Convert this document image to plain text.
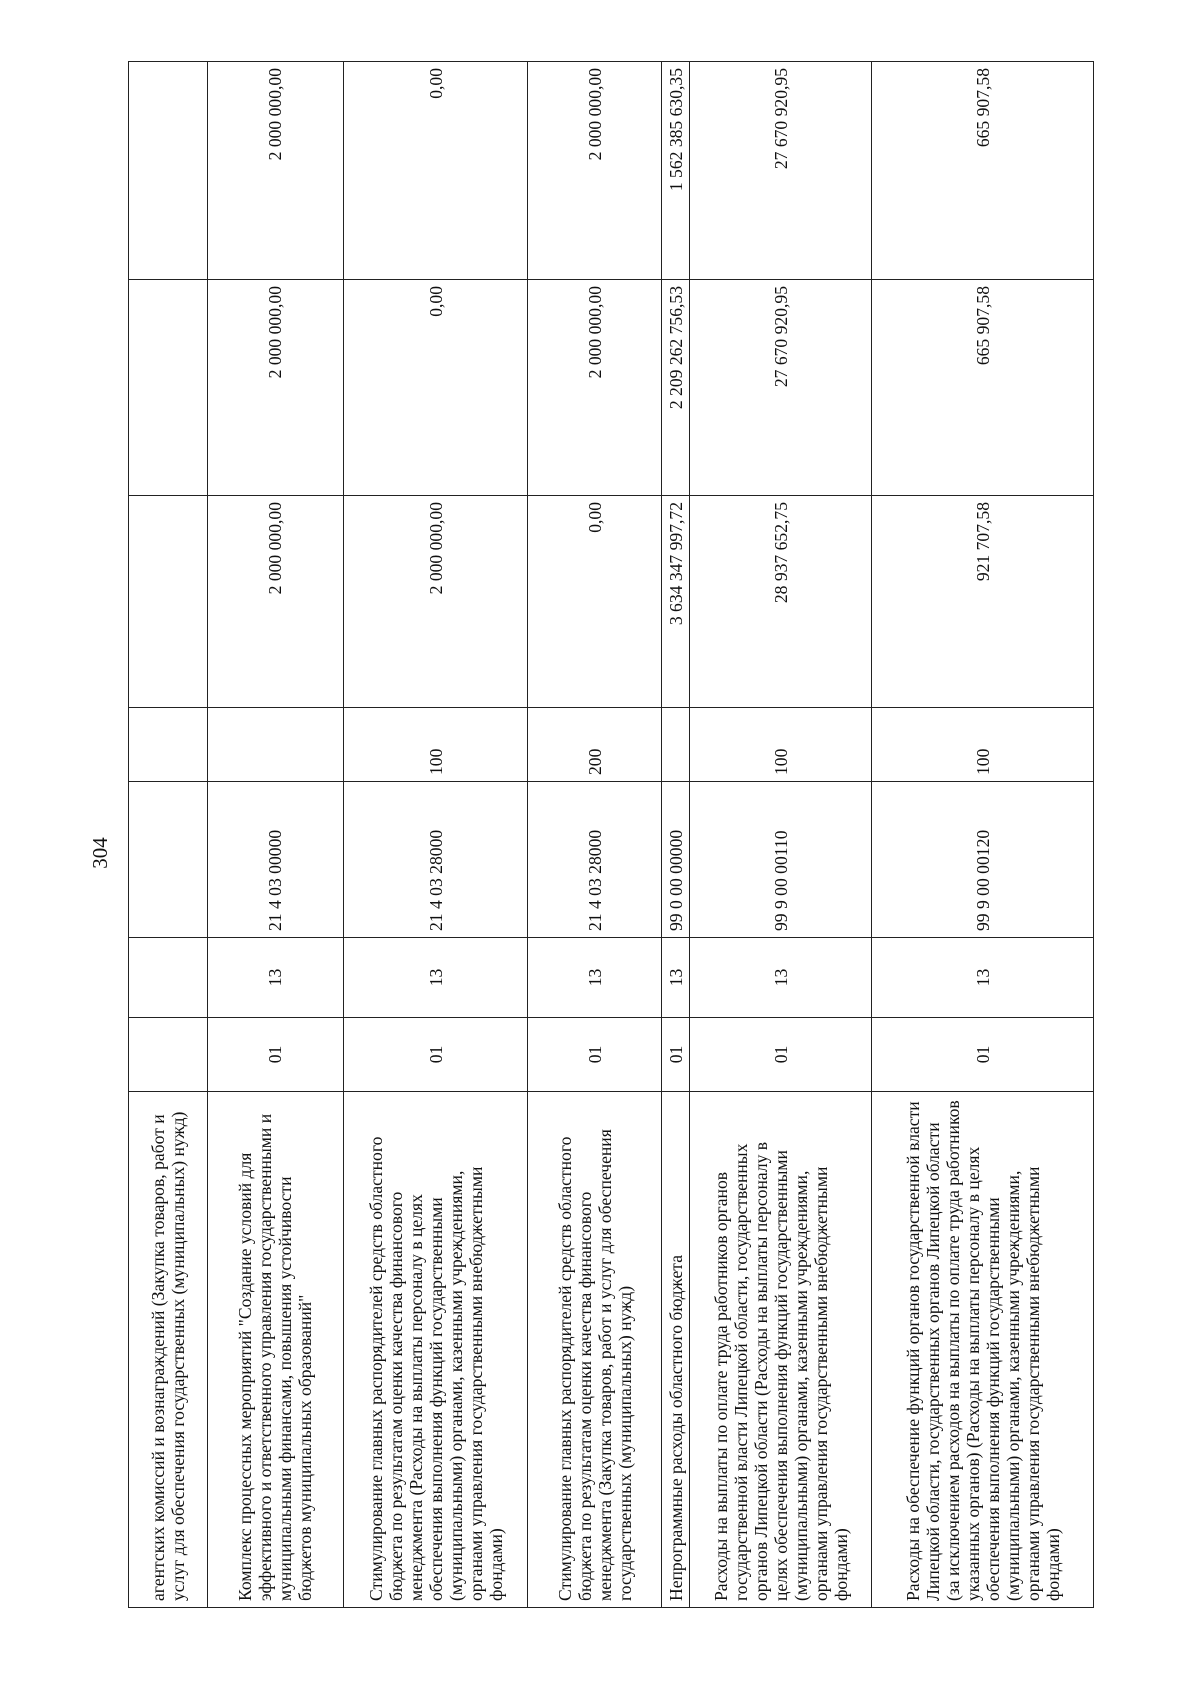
304
агентских комиссий и вознаграждений (Закупка товаров, работ и услуг для обеспечения государственных (муниципальных) нужд)							
Комплекс процессных мероприятий "Создание условий для эффективного и ответственного управления государственными и муниципальными финансами, повышения устойчивости бюджетов муниципальных образований"	01	13	21 4 03 00000		2 000 000,00	2 000 000,00	2 000 000,00
Стимулирование главных распорядителей средств областного бюджета по результатам оценки качества финансового менеджмента (Расходы на выплаты персоналу в целях обеспечения выполнения функций государственными (муниципальными) органами, казенными учреждениями, органами управления государственными внебюджетными фондами)	01	13	21 4 03 28000	100	2 000 000,00	0,00	0,00
Стимулирование главных распорядителей средств областного бюджета по результатам оценки качества финансового менеджмента (Закупка товаров, работ и услуг для обеспечения государственных (муниципальных) нужд)	01	13	21 4 03 28000	200	0,00	2 000 000,00	2 000 000,00
Непрограммные расходы областного бюджета	01	13	99 0 00 00000		3 634 347 997,72	2 209 262 756,53	1 562 385 630,35
Расходы на выплаты по оплате труда работников органов государственной власти Липецкой области, государственных органов Липецкой области (Расходы на выплаты персоналу в целях обеспечения выполнения функций государственными (муниципальными) органами, казенными учреждениями, органами управления государственными внебюджетными фондами)	01	13	99 9 00 00110	100	28 937 652,75	27 670 920,95	27 670 920,95
Расходы на обеспечение функций органов государственной власти Липецкой области, государственных органов Липецкой области (за исключением расходов на выплаты по оплате труда работников указанных органов) (Расходы на выплаты персоналу в целях обеспечения выполнения функций государственными (муниципальными) органами, казенными учреждениями, органами управления государственными внебюджетными фондами)	01	13	99 9 00 00120	100	921 707,58	665 907,58	665 907,58
